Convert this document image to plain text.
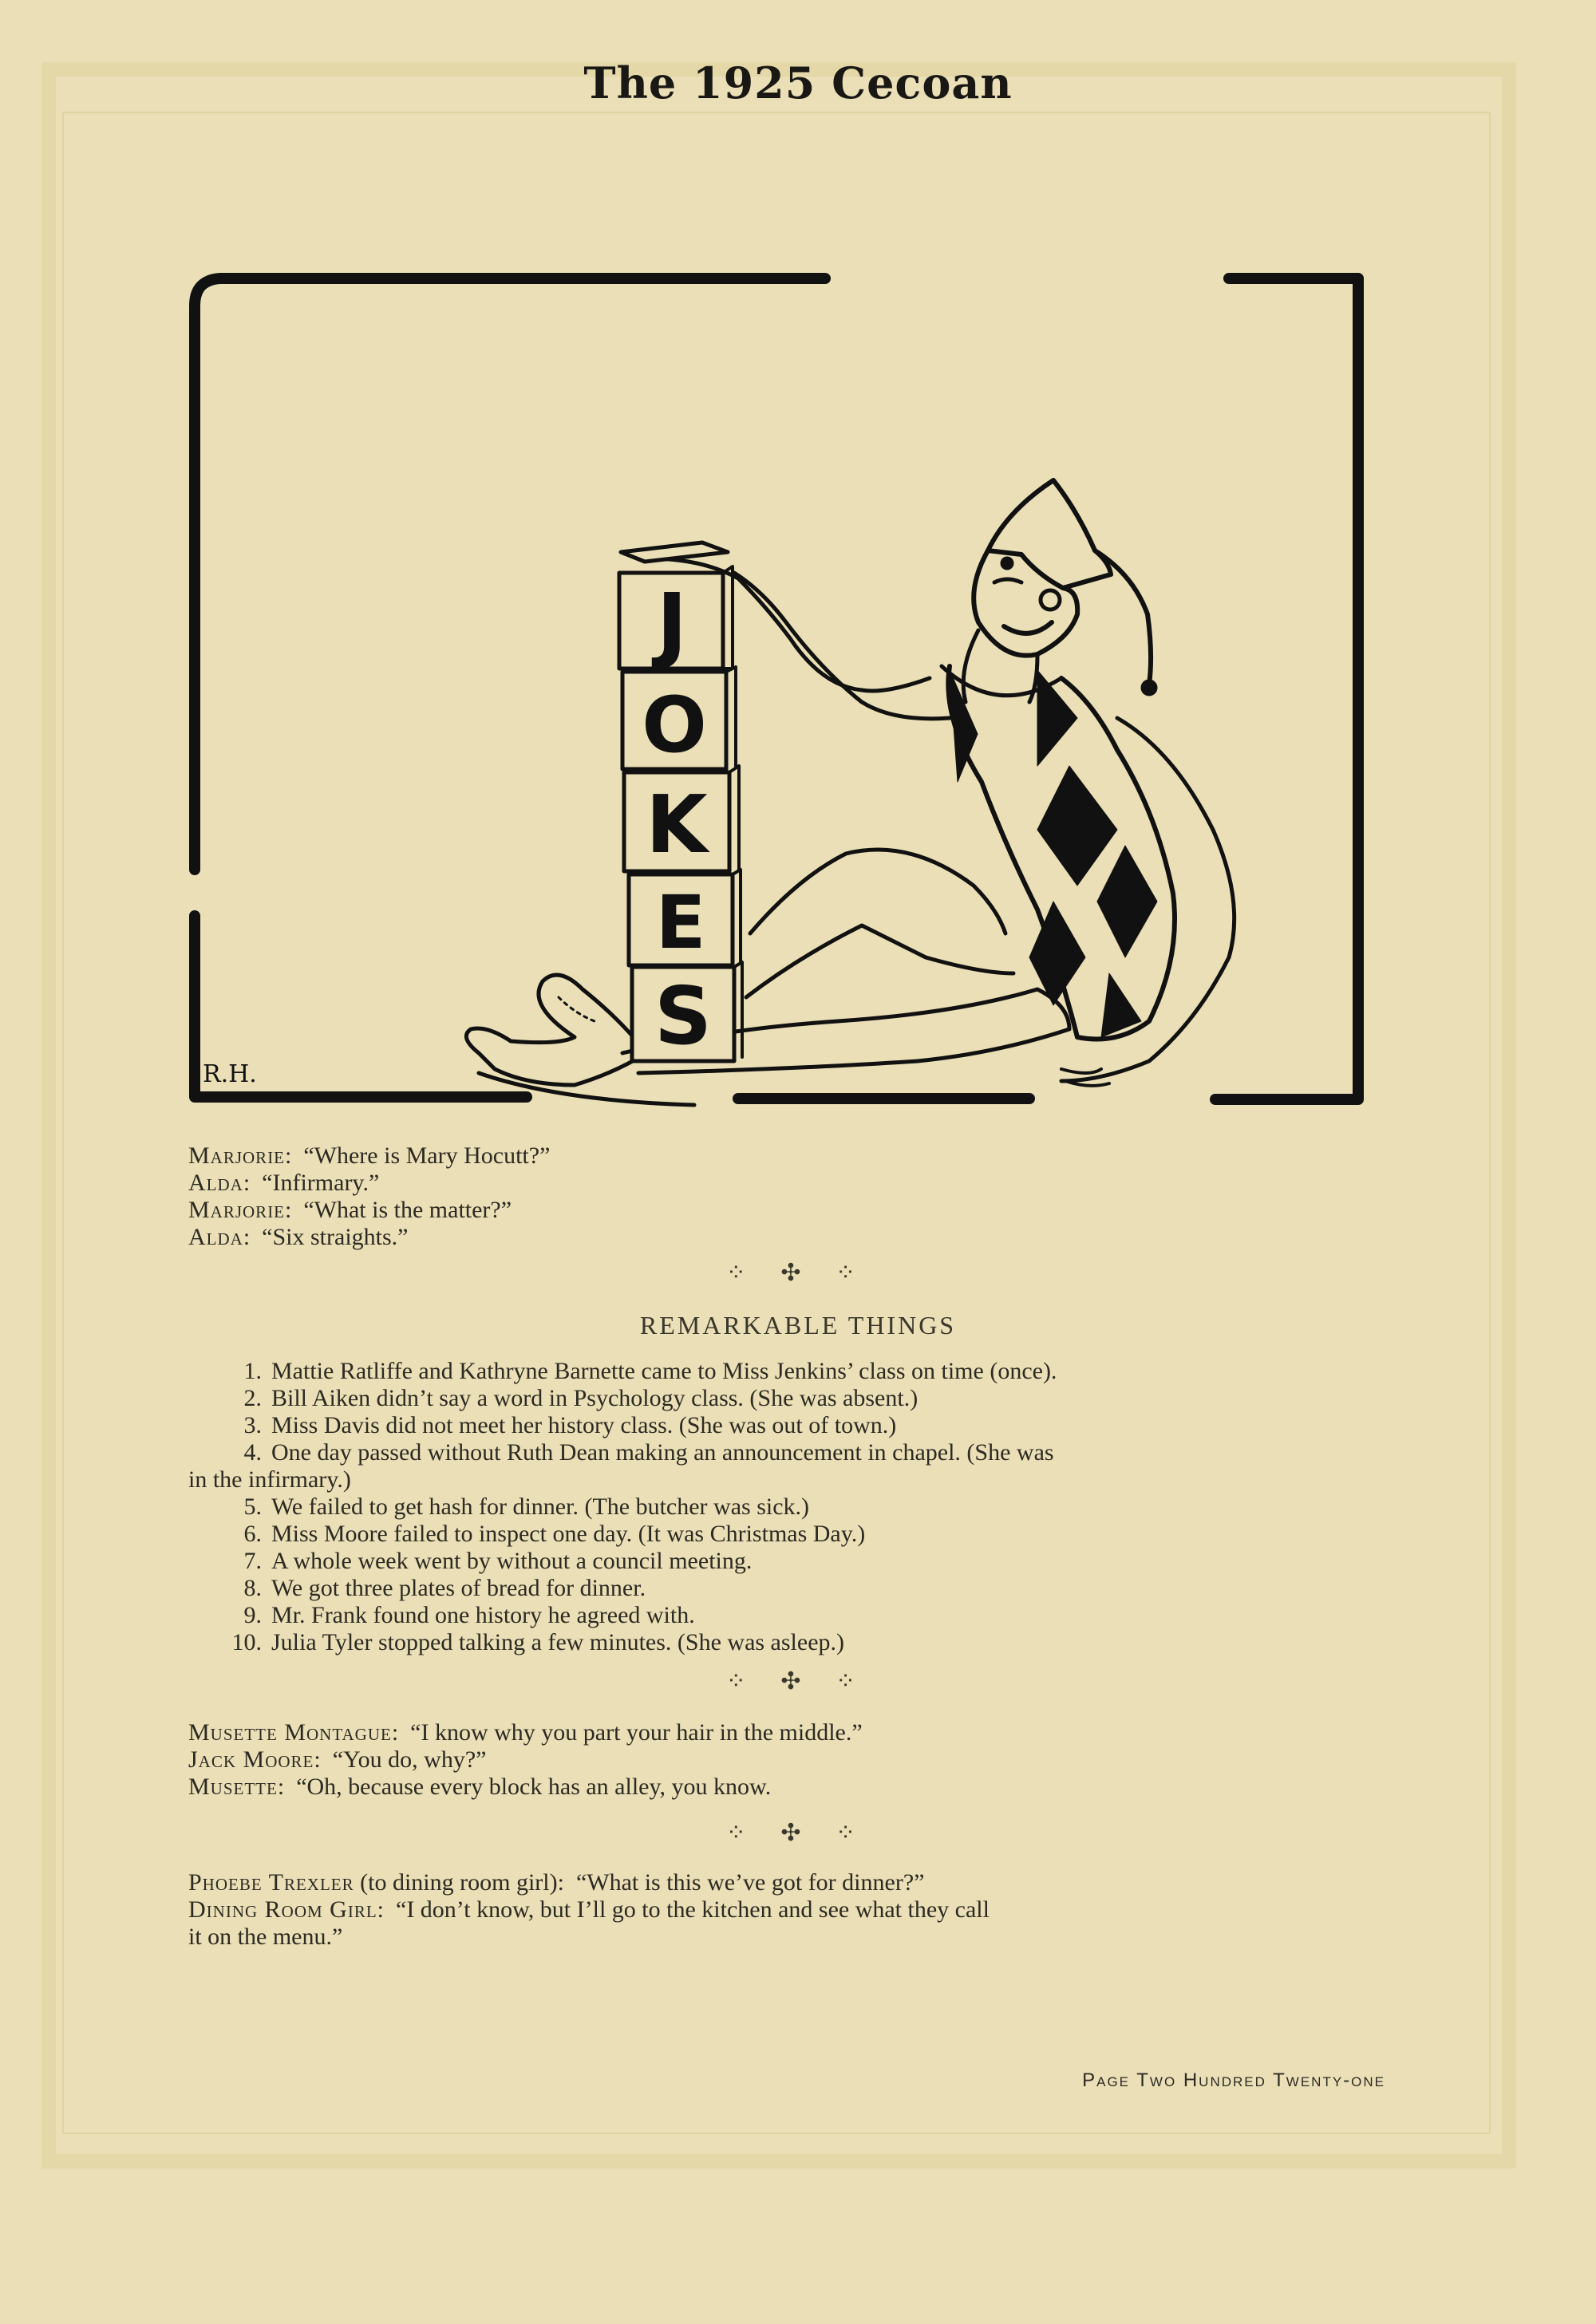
The 1925 Cecoan
J
O
K
E
S
R.H.
Marjorie:  “Where is Mary Hocutt?”
Alda:  “Infirmary.”
Marjorie:  “What is the matter?”
Alda:  “Six straights.”
⁘ ✣ ⁘
REMARKABLE THINGS
1. Mattie Ratliffe and Kathryne Barnette came to Miss Jenkins’ class on time (once).
2. Bill Aiken didn’t say a word in Psychology class. (She was absent.)
3. Miss Davis did not meet her history class. (She was out of town.)
4. One day passed without Ruth Dean making an announcement in chapel. (She was
in the infirmary.)
5. We failed to get hash for dinner. (The butcher was sick.)
6. Miss Moore failed to inspect one day. (It was Christmas Day.)
7. A whole week went by without a council meeting.
8. We got three plates of bread for dinner.
9. Mr. Frank found one history he agreed with.
10. Julia Tyler stopped talking a few minutes. (She was asleep.)
⁘ ✣ ⁘
Musette Montague:  “I know why you part your hair in the middle.”
Jack Moore:  “You do, why?”
Musette:  “Oh, because every block has an alley, you know.
⁘ ✣ ⁘
Phoebe Trexler (to dining room girl): “What is this we’ve got for dinner?”
Dining Room Girl:  “I don’t know, but I’ll go to the kitchen and see what they call
it on the menu.”
Page Two Hundred Twenty-one
